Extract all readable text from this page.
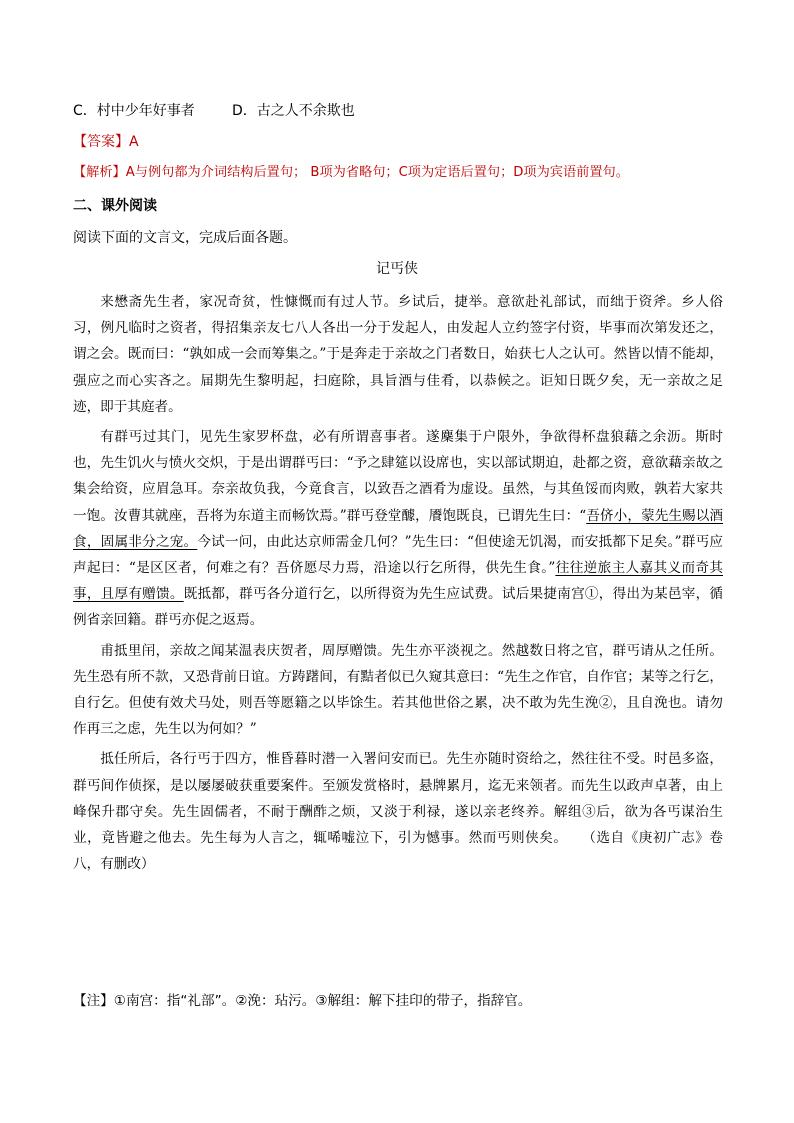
C．村中少年好事者	D．古之人不余欺也
【答案】A
【解析】A与例句都为介词结构后置句； B项为省略句；C项为定语后置句；D项为宾语前置句。
二、课外阅读
阅读下面的文言文，完成后面各题。
记丐侠

来懋斋先生者，家况奇贫，性慷慨而有过人节。乡试后，捷举。意欲赴礼部试，而绌于资斧。乡人俗习，例凡临时之资者，得招集亲友七八人各出一分于发起人，由发起人立约签字付资，毕事而次第发还之，谓之会。既而曰：“孰如成一会而筹集之。”于是奔走于亲故之门者数日，始获七人之认可。然皆以情不能却，强应之而心实吝之。届期先生黎明起，扫庭除，具旨酒与佳肴，以恭候之。讵知日既夕矣，无一亲故之足迹，即于其庭者。

有群丐过其门，见先生家罗杯盘，必有所谓喜事者。遂麇集于户限外，争欲得杯盘狼藉之余沥。斯时也，先生饥火与愤火交炽，于是出谓群丐曰：“予之肆筵以设席也，实以部试期迫，赴都之资，意欲藉亲故之集会给资，应眉急耳。奈亲故负我，今竟食言，以致吾之酒肴为虚设。虽然，与其鱼馁而肉败，孰若大家共一饱。汝曹其就座，吾将为东道主而畅饮焉。”群丐登堂醵，餍饱既良，已谓先生曰：“吾侪小，蒙先生赐以酒食，固属非分之宠。今试一问，由此达京师需金几何？”先生曰：“但使途无饥渴，而安抵都下足矣。”群丐应声起曰：“是区区者，何难之有？吾侪愿尽力焉，沿途以行乞所得，供先生食。”往往逆旅主人嘉其义而奇其事，且厚有赠馈。既抵都，群丐各分道行乞，以所得资为先生应试费。试后果捷南宫①，得出为某邑宰，循例省亲回籍。群丐亦促之返焉。

甫抵里闬，亲故之闻某温表庆贺者，周厚赠馈。先生亦平淡视之。然越数日将之官，群丐请从之任所。先生恐有所不款，又恐背前日谊。方踌躇间，有黠者似已久窥其意曰：“先生之作官，自作官；某等之行乞，自行乞。但使有效犬马处，则吾等愿籍之以毕馀生。若其他世俗之累，决不敢为先生浼②，且自浼也。请勿作再三之虑，先生以为何如？”

抵任所后，各行丐于四方，惟昏暮时潜一入署问安而已。先生亦随时资给之，然往往不受。时邑多盗，群丐间作侦探，是以屡屡破获重要案件。至颁发赏格时，悬牌累月，迄无来领者。而先生以政声卓著，由上峰保升郡守矣。先生固儒者，不耐于酬酢之烦，又淡于利禄，遂以亲老终养。解组③后，欲为各丐谋治生业，竟皆避之他去。先生每为人言之，辄唏嘘泣下，引为憾事。然而丐则侠矣。　　（选自《庚初广志》卷八，有删改）

【注】①南宫：指“礼部”。②浼：玷污。③解组：解下挂印的带子，指辞官。
